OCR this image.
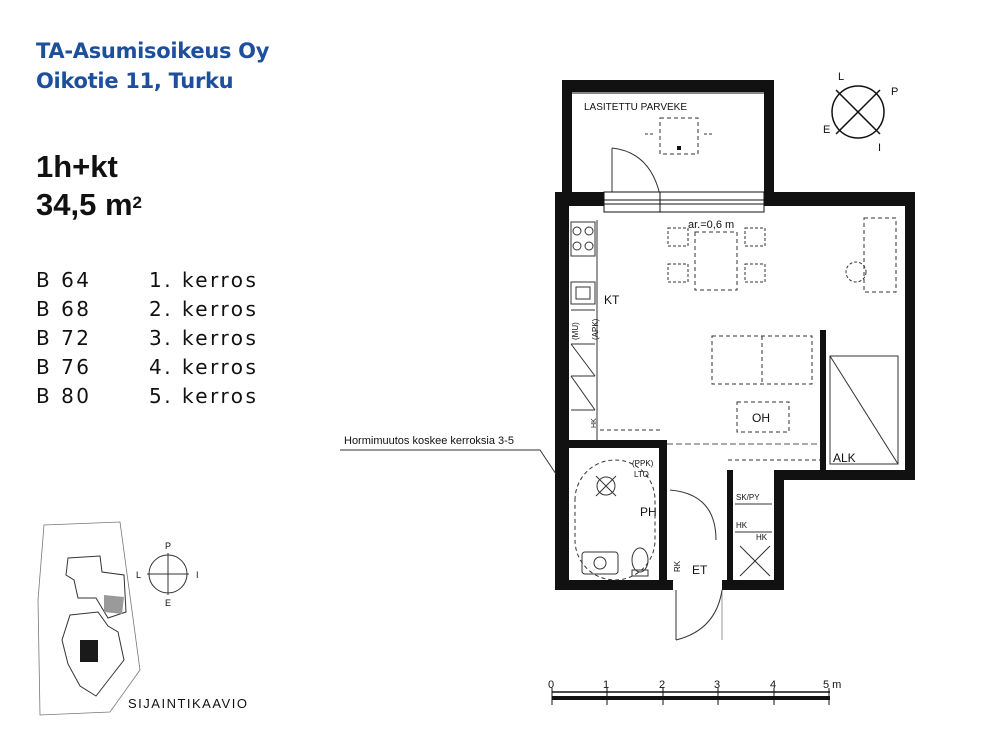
TA-Asumisoikeus Oy
Oikotie 11, Turku
1h+kt
34,5 $m^2$
B 64	1. kerros
B 68	2. kerros
B 72	3. kerros
B 76	4. kerros
B 80	5. kerros
LASITETTU PARVEKE
KT
(MU) (APK)
HK
ar.=0,6 m
OH
ALK
(PPK)
LTO
PH
ET
RK
SK/PY
HK
HK
Hormimuutos koskee kerroksia 3-5
P
E
I
L
SIJAINTIKAAVIO
P
E
I
L
0	1	2	3	4	5 m
